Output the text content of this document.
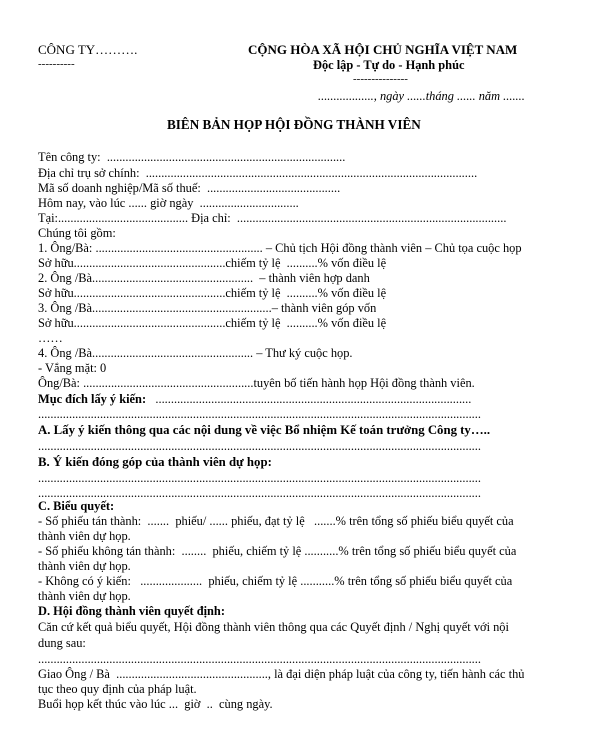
CÔNG TY……….
----------
CỘNG HÒA XÃ HỘI CHỦ NGHĨA VIỆT NAM
Độc lập - Tự do - Hạnh phúc
---------------
.................., ngày ......tháng ...... năm .......
BIÊN BẢN HỌP HỘI ĐỒNG THÀNH VIÊN
Tên công ty:  .............................................................................
Địa chỉ trụ sở chính:  ...........................................................................................................
Mã số doanh nghiệp/Mã số thuế:  ...........................................
Hôm nay, vào lúc ...... giờ ngày  ................................
Tại:.......................................... Địa chỉ:  .......................................................................................
Chúng tôi gồm:
1. Ông/Bà: ...................................................... – Chủ tịch Hội đồng thành viên – Chủ tọa cuộc họp
Sở hữu.................................................chiếm tỷ lệ  ..........% vốn điều lệ
2. Ông /Bà....................................................  – thành viên hợp danh
Sở hữu.................................................chiếm tỷ lệ  ..........% vốn điều lệ
3. Ông /Bà..........................................................– thành viên góp vốn
Sở hữu.................................................chiếm tỷ lệ  ..........% vốn điều lệ
……
4. Ông /Bà.................................................... – Thư ký cuộc họp.
- Vắng mặt: 0
Ông/Bà: .......................................................tuyên bố tiến hành họp Hội đồng thành viên.
Mục đích lấy ý kiến:   ......................................................................................................
...............................................................................................................................................
A. Lấy ý kiến thông qua các nội dung về việc Bổ nhiệm Kế toán trưởng Công ty…..
...............................................................................................................................................
B. Ý kiến đóng góp của thành viên dự họp:
...............................................................................................................................................
...............................................................................................................................................
C. Biểu quyết:
- Số phiếu tán thành:  .......  phiếu/ ...... phiếu, đạt tỷ lệ   .......% trên tổng số phiếu biểu quyết của
thành viên dự họp.
- Số phiếu không tán thành:  ........  phiếu, chiếm tỷ lệ ...........% trên tổng số phiếu biểu quyết của
thành viên dự họp.
- Không có ý kiến:   ....................  phiếu, chiếm tỷ lệ ...........% trên tổng số phiếu biểu quyết của
thành viên dự họp.
D. Hội đồng thành viên quyết định:
Căn cứ kết quả biểu quyết, Hội đồng thành viên thông qua các Quyết định / Nghị quyết với nội
dung sau:
...............................................................................................................................................
Giao Ông / Bà  ................................................., là đại diện pháp luật của công ty, tiến hành các thủ
tục theo quy định của pháp luật.
Buổi họp kết thúc vào lúc ...  giờ  ..  cùng ngày.
